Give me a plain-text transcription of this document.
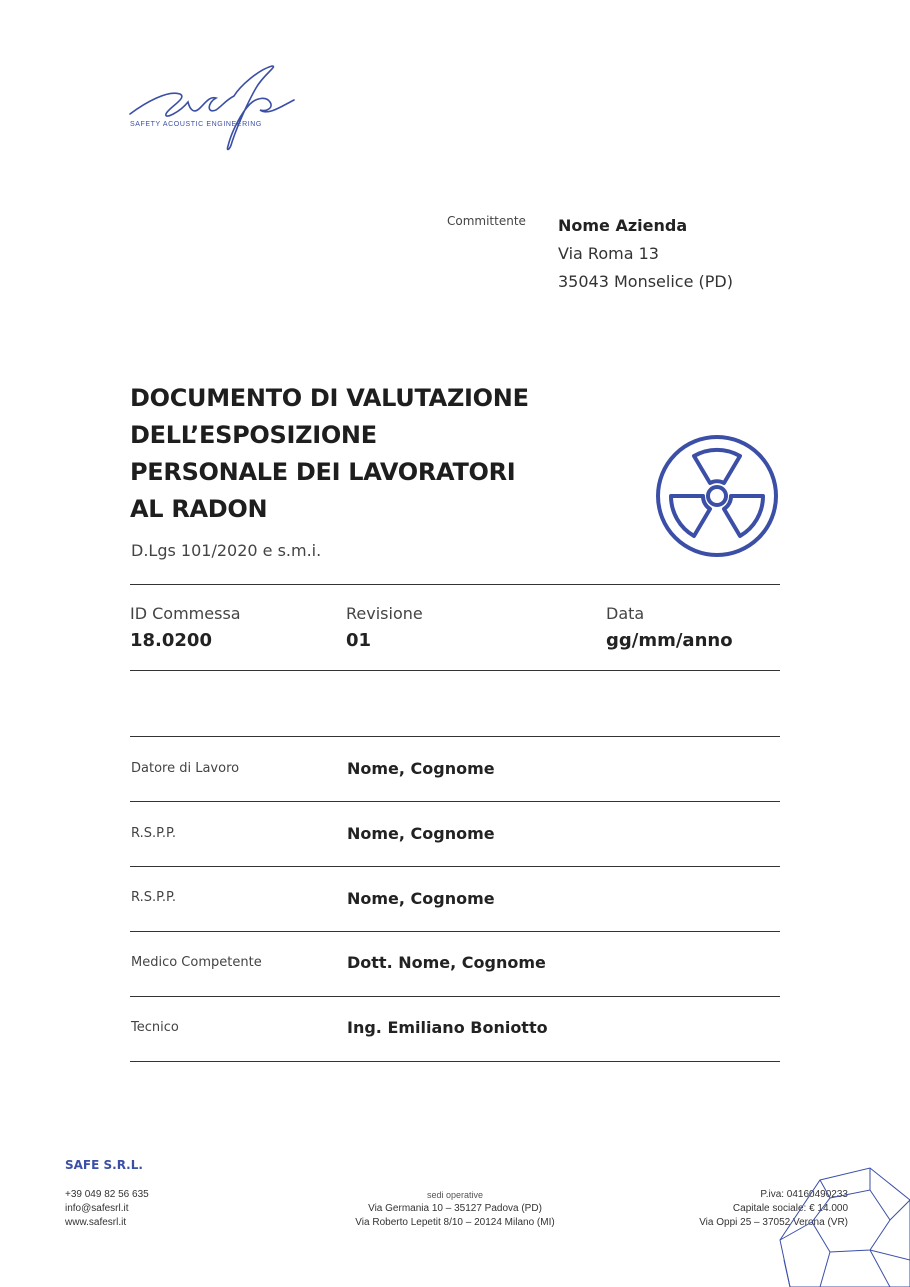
SAFETY ACOUSTIC ENGINEERING
Committente Nome Azienda
Via Roma 13
35043 Monselice (PD)
DOCUMENTO DI VALUTAZIONE
DELL’ESPOSIZIONE
PERSONALE DEI LAVORATORI
AL RADON
D.Lgs 101/2020 e s.m.i.
ID Commessa
18.0200
Revisione
01
Data
gg/mm/anno
Datore di Lavoro	Nome, Cognome
R.S.P.P.	Nome, Cognome
R.S.P.P.	Nome, Cognome
Medico Competente	Dott. Nome, Cognome
Tecnico	Ing. Emiliano Boniotto
SAFE S.R.L.
+39 049 82 56 635
info@safesrl.it
www.safesrl.it
sedi operative
Via Germania 10 – 35127 Padova (PD)
Via Roberto Lepetit 8/10 – 20124 Milano (MI)
P.iva: 04160490233
Capitale sociale: € 14.000
Via Oppi 25 – 37052 Verona (VR)
